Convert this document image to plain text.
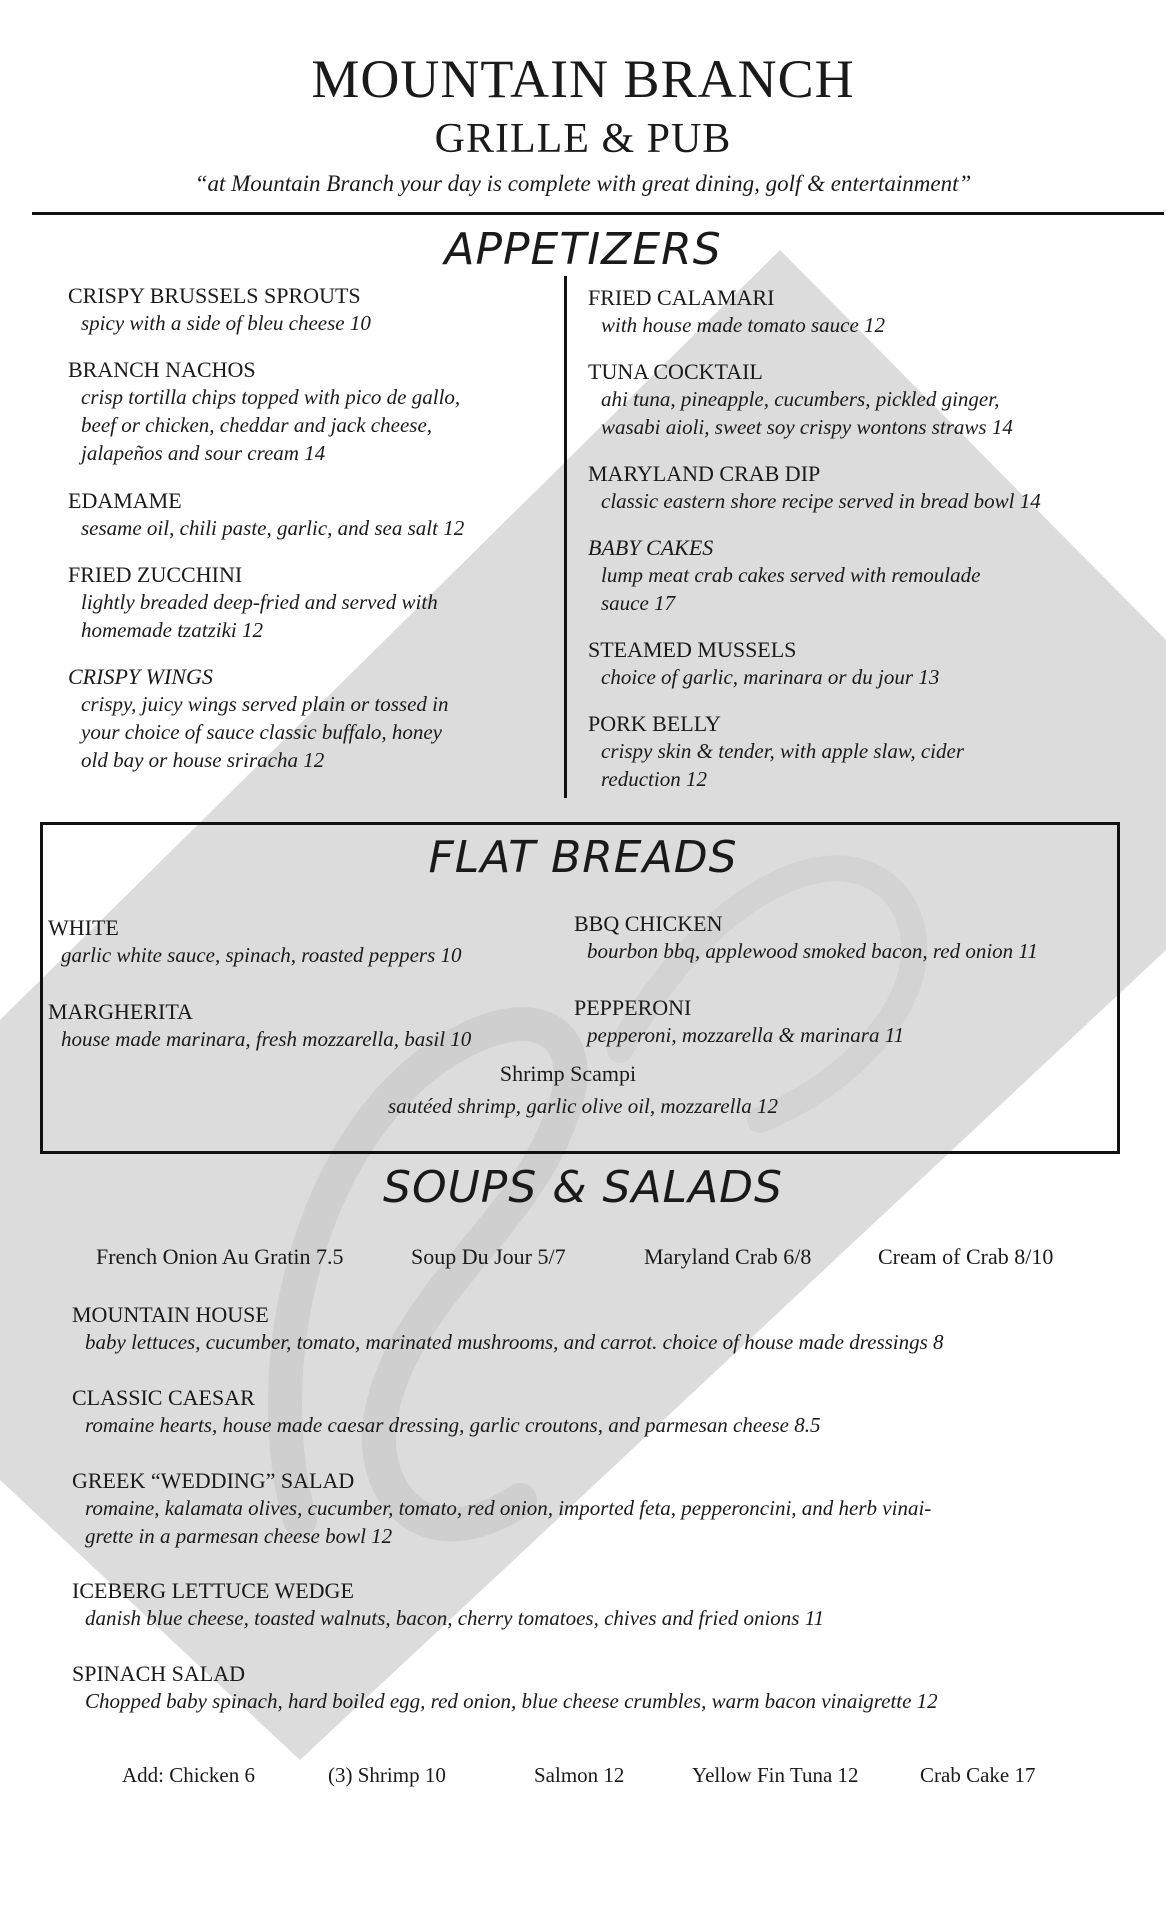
MOUNTAIN BRANCH
GRILLE & PUB
“at Mountain Branch your day is complete with great dining, golf & entertainment”
APPETIZERS
CRISPY BRUSSELS SPROUTS
spicy with a side of bleu cheese 10
BRANCH NACHOS
crisp tortilla chips topped with pico de gallo,
beef or chicken, cheddar and jack cheese,
jalapeños and sour cream 14
EDAMAME
sesame oil, chili paste, garlic, and sea salt 12
FRIED ZUCCHINI
lightly breaded deep-fried and served with
homemade tzatziki 12
CRISPY WINGS
crispy, juicy wings served plain or tossed in
your choice of sauce classic buffalo, honey
old bay or house sriracha 12
FRIED CALAMARI
with house made tomato sauce 12
TUNA COCKTAIL
ahi tuna, pineapple, cucumbers, pickled ginger,
wasabi aioli, sweet soy crispy wontons straws 14
MARYLAND CRAB DIP
classic eastern shore recipe served in bread bowl 14
BABY CAKES
lump meat crab cakes served with remoulade
sauce 17
STEAMED MUSSELS
choice of garlic, marinara or du jour 13
PORK BELLY
crispy skin & tender, with apple slaw, cider
reduction 12
FLAT BREADS
WHITE
garlic white sauce, spinach, roasted peppers 10
MARGHERITA
house made marinara, fresh mozzarella, basil 10
BBQ CHICKEN
bourbon bbq, applewood smoked bacon, red onion 11
PEPPERONI
pepperoni, mozzarella & marinara 11
Shrimp Scampi
sautéed shrimp, garlic olive oil, mozzarella 12
SOUPS & SALADS
French Onion Au Gratin 7.5	Soup Du Jour 5/7	Maryland Crab 6/8	Cream of Crab 8/10
MOUNTAIN HOUSE
baby lettuces, cucumber, tomato, marinated mushrooms, and carrot. choice of house made dressings 8
CLASSIC CAESAR
romaine hearts, house made caesar dressing, garlic croutons, and parmesan cheese 8.5
GREEK “WEDDING” SALAD
romaine, kalamata olives, cucumber, tomato, red onion, imported feta, pepperoncini, and herb vinai-
grette in a parmesan cheese bowl 12
ICEBERG LETTUCE WEDGE
danish blue cheese, toasted walnuts, bacon, cherry tomatoes, chives and fried onions 11
SPINACH SALAD
Chopped baby spinach, hard boiled egg, red onion, blue cheese crumbles, warm bacon vinaigrette 12
Add: Chicken 6	(3) Shrimp 10	Salmon 12	Yellow Fin Tuna 12	Crab Cake 17
